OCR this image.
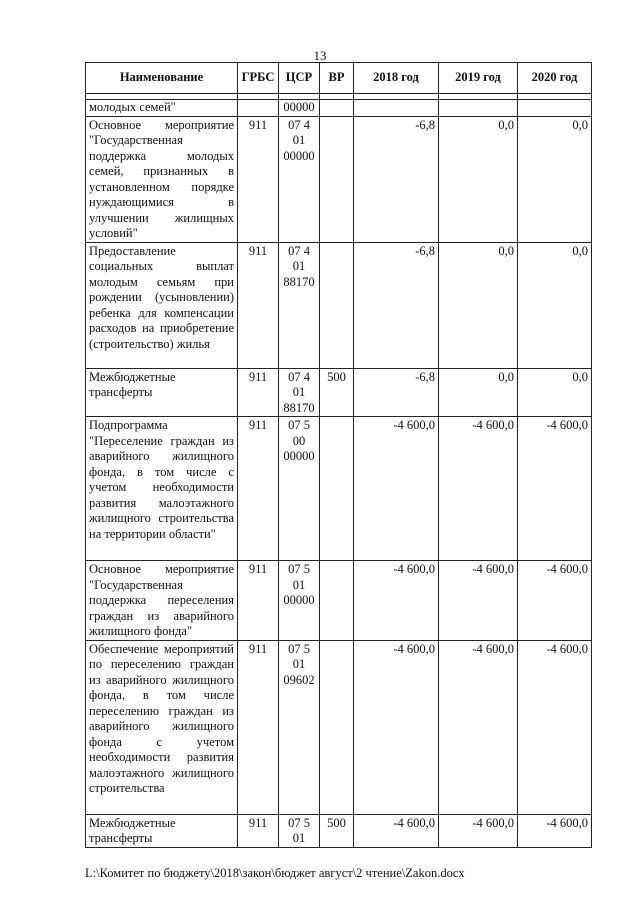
13
Наименование	ГРБС	ЦСР	ВР	2018 год	2019 год	2020 год

молодых семей"		00000				
Основное мероприятие "Государственная поддержка молодых семей, признанных в установленном порядке нуждающимися в улучшении жилищных условий"	911	07 4 01 00000		-6,8	0,0	0,0
Предоставление социальных выплат молодым семьям при рождении (усыновлении) ребенка для компенсации расходов на приобретение (строительство) жилья	911	07 4 01 88170		-6,8	0,0	0,0
Межбюджетные трансферты	911	07 4 01 88170	500	-6,8	0,0	0,0
Подпрограмма "Переселение граждан из аварийного жилищного фонда, в том числе с учетом необходимости развития малоэтажного жилищного строительства на территории области"	911	07 5 00 00000		-4 600,0	-4 600,0	-4 600,0
Основное мероприятие "Государственная поддержка переселения граждан из аварийного жилищного фонда"	911	07 5 01 00000		-4 600,0	-4 600,0	-4 600,0
Обеспечение мероприятий по переселению граждан из аварийного жилищного фонда, в том числе переселению граждан из аварийного жилищного фонда с учетом необходимости развития малоэтажного жилищного строительства	911	07 5 01 09602		-4 600,0	-4 600,0	-4 600,0
Межбюджетные трансферты	911	07 5 01	500	-4 600,0	-4 600,0	-4 600,0
L:\Комитет по бюджету\2018\закон\бюджет август\2 чтение\Zakon.docx
